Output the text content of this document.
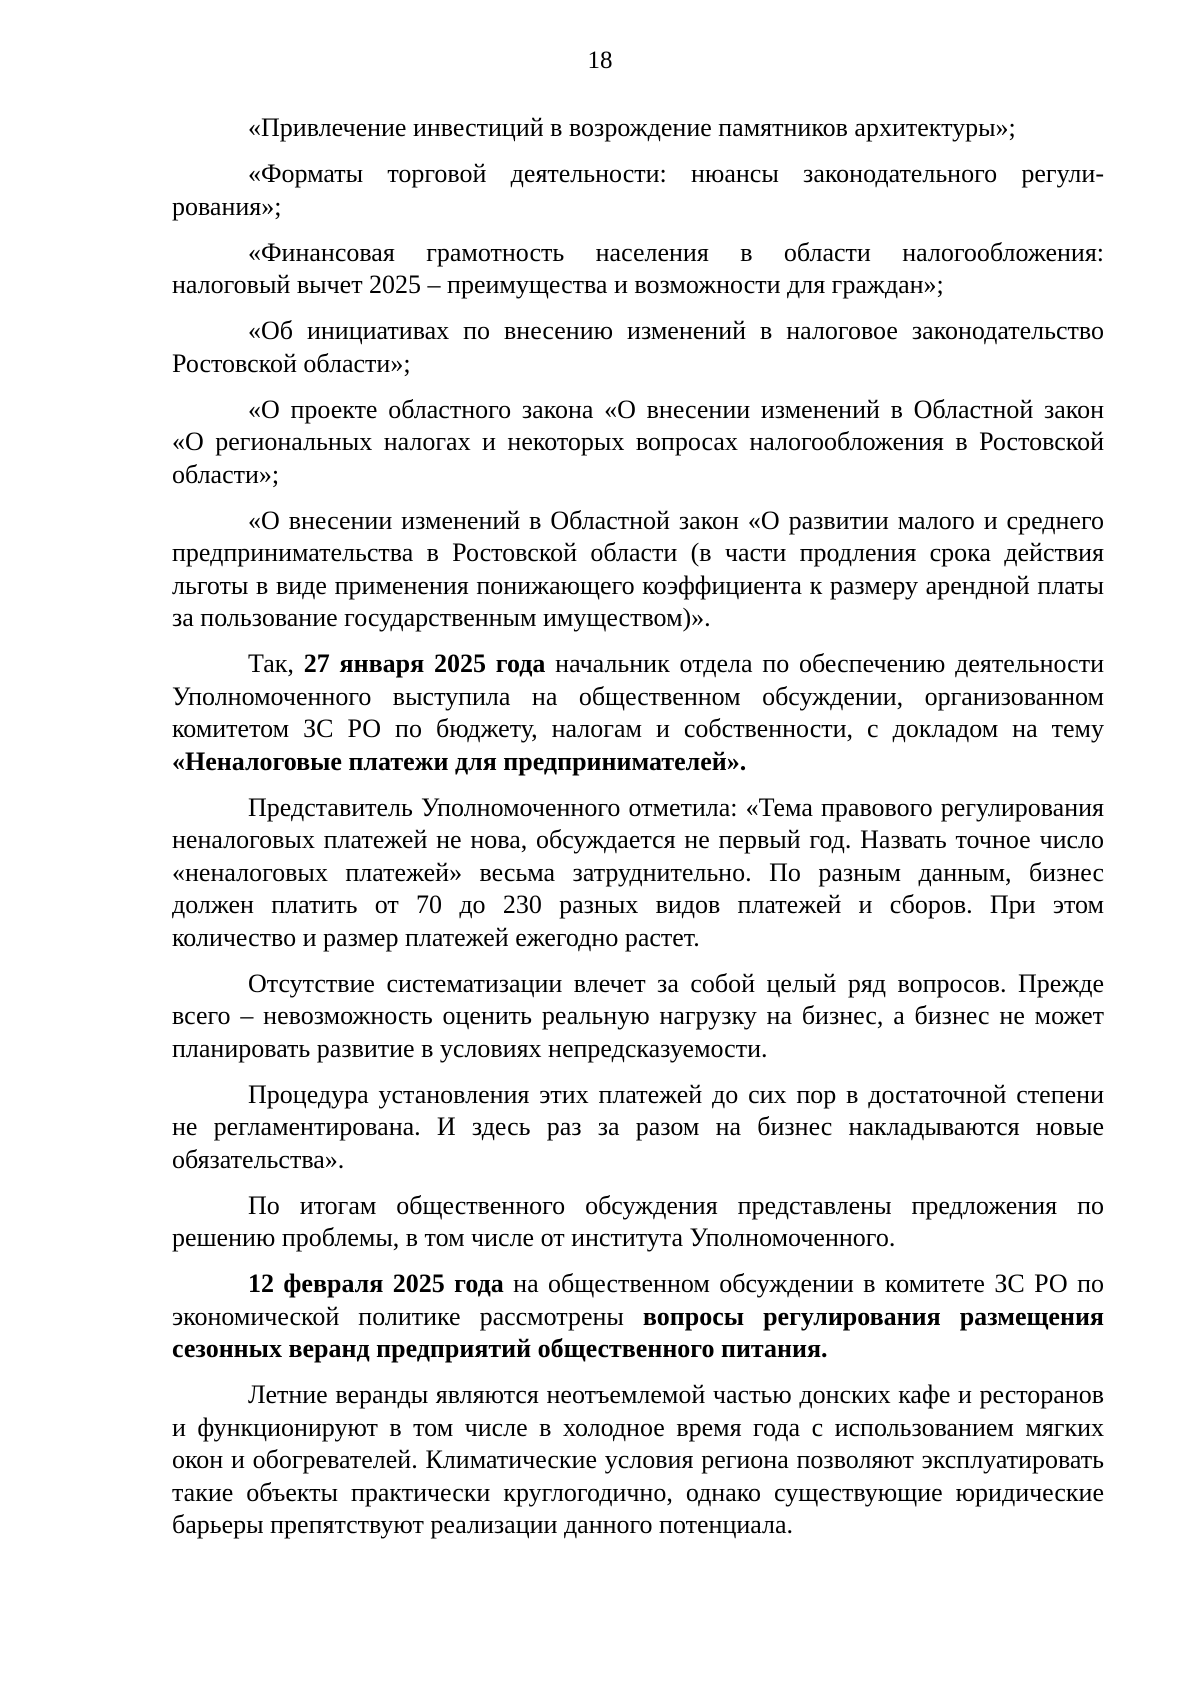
18

«Привлечение инвестиций в возрождение памятников архитектуры»;

«Форматы торговой деятельности: нюансы законодательного регулирования»;

«Финансовая грамотность населения в области налогообложения: налоговый вычет 2025 – преимущества и возможности для граждан»;

«Об инициативах по внесению изменений в налоговое законодательство Ростовской области»;

«О проекте областного закона «О внесении изменений в Областной закон «О региональных налогах и некоторых вопросах налогообложения в Ростовской области»;

«О внесении изменений в Областной закон «О развитии малого и среднего предпринимательства в Ростовской области (в части продления срока действия льготы в виде применения понижающего коэффициента к размеру арендной платы за пользование государственным имуществом)».

Так, 27 января 2025 года начальник отдела по обеспечению деятельности Уполномоченного выступила на общественном обсуждении, организованном комитетом ЗС РО по бюджету, налогам и собственности, с докладом на тему «Неналоговые платежи для предпринимателей».

Представитель Уполномоченного отметила: «Тема правового регулирования неналоговых платежей не нова, обсуждается не первый год. Назвать точное число «неналоговых платежей» весьма затруднительно. По разным данным, бизнес должен платить от 70 до 230 разных видов платежей и сборов. При этом количество и размер платежей ежегодно растет.

Отсутствие систематизации влечет за собой целый ряд вопросов. Прежде всего – невозможность оценить реальную нагрузку на бизнес, а бизнес не может планировать развитие в условиях непредсказуемости.

Процедура установления этих платежей до сих пор в достаточной степени не регламентирована. И здесь раз за разом на бизнес накладываются новые обязательства».

По итогам общественного обсуждения представлены предложения по решению проблемы, в том числе от института Уполномоченного.

12 февраля 2025 года на общественном обсуждении в комитете ЗС РО по экономической политике рассмотрены вопросы регулирования размещения сезонных веранд предприятий общественного питания.

Летние веранды являются неотъемлемой частью донских кафе и ресторанов и функционируют в том числе в холодное время года с использованием мягких окон и обогревателей. Климатические условия региона позволяют эксплуатировать такие объекты практически круглогодично, однако существующие юридические барьеры препятствуют реализации данного потенциала.
